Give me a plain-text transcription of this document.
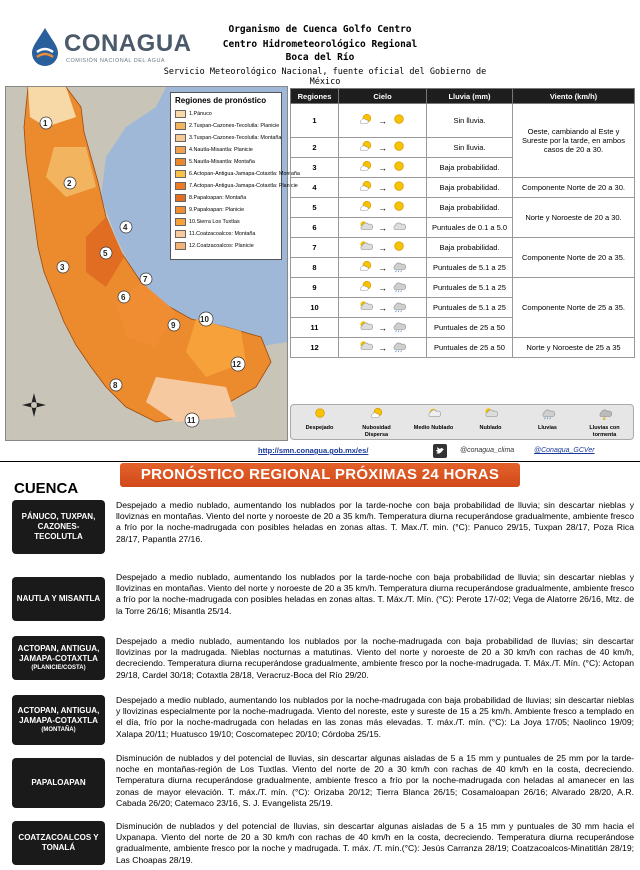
CONAGUA
COMISIÓN NACIONAL DEL AGUA
Organismo de Cuenca Golfo Centro
Centro Hidrometeorológico Regional
Boca del Río
Servicio Meteorológico Nacional, fuente oficial del Gobierno de
México
1
2
3
4
5
6
7
8
9
10
11
12
Regiones de pronóstico
1.Pánuco
2.Tuxpan-Cazones-Tecolutla: Planicie
3.Tuxpan-Cazones-Tecolutla: Montaña
4.Nautla-Misantla: Planicie
5.Nautla-Misantla: Montaña
6.Actopan-Antigua-Jamapa-Cotaxtla: Montaña
7.Actopan-Antigua-Jamapa-Cotaxtla: Planicie
8.Papaloapan: Montaña
9.Papaloapan: Planicie
10.Sierra Los Tuxtlas
11.Coatzacoalcos: Montaña
12.Coatzacoalcos: Planicie
Regiones	Cielo	Lluvia (mm)	Viento (km/h)
1	→	Sin lluvia.	Oeste, cambiando al Este y Sureste por la tarde, en ambos casos de 20 a 30.
2	→	Sin lluvia.	
3	→	Baja probabilidad.	
4	→	Baja probabilidad.	Componente Norte de 20 a 30.
5	→	Baja probabilidad.	Norte y Noroeste de 20 a 30.
6	→	Puntuales de 0.1 a 5.0	
7	→	Baja probabilidad.	Componente Norte de 20 a 35.
8	→	Puntuales de 5.1 a 25	
9	→	Puntuales de 5.1 a 25	Componente Norte de 25 a 35.
10	→	Puntuales de 5.1 a 25	
11	→	Puntuales de 25 a 50	
12	→	Puntuales de 25 a 50	Norte y Noroeste de 25 a 35
Despejado	Nubosidad Dispersa
Medio Nublado	Nublado	Lluvias	Lluvias con tormenta
http://smn.conagua.gob.mx/es/	@conagua_clima	@Conagua_GCVer
PRONÓSTICO REGIONAL PRÓXIMAS 24 HORAS
CUENCA
PÁNUCO, TUXPAN, CAZONES-TECOLUTLA
Despejado a medio nublado, aumentando los nublados por la tarde-noche con baja probabilidad de lluvia; sin descartar nieblas y lloviznas en montañas. Viento del norte y noroeste de 20 a 35 km/h. Temperatura diurna recuperándose gradualmente, ambiente fresco a frío por la noche-madrugada con posibles heladas en zonas altas. T. Max./T. min. (°C): Panuco 29/15, Tuxpan 28/17, Poza Rica 28/17, Papantla 27/16.
NAUTLA Y MISANTLA
Despejado a medio nublado, aumentando los nublados por la tarde-noche con baja probabilidad de lluvia; sin descartar nieblas y llovizinas en montañas. Viento del norte y noroeste de 20 a 35 km/h. Temperatura diurna recuperándose gradualmente, ambiente fresco a frío por la noche-madrugada con posibles heladas en zonas altas. T. Máx./T. Mín. (°C): Perote 17/-02; Vega de Alatorre 26/16, Mtz. de la Torre 26/16; Misantla 25/14.
ACTOPAN, ANTIGUA, JAMAPA-COTAXTLA
(PLANICIE/COSTA)
Despejado a medio nublado, aumentando los nublados por la noche-madrugada con baja probabilidad de lluvias; sin descartar llovizinas por la madrugada. Nieblas nocturnas a matutinas. Viento del norte y noroeste de 20 a 30 km/h con rachas de 40 km/h, decreciendo. Temperatura diurna recuperándose gradualmente, ambiente fresco por la noche-madrugada. T. Máx./T. Mín. (°C): Actopan 29/18, Cardel 30/18; Cotaxtla 28/18, Veracruz-Boca del Río 29/20.
ACTOPAN, ANTIGUA, JAMAPA-COTAXTLA
(MONTAÑA)
Despejado a medio nublado, aumentando los nublados por la noche-madrugada con baja probabilidad de lluvias; sin descartar nieblas y llovizinas especialmente por la noche-madrugada. Viento del noreste, este y sureste de 15 a 25 km/h. Ambiente fresco a templado en el día, frío por la noche-madrugada con heladas en las zonas más elevadas. T. máx./T. mín. (°C): La Joya 17/05; Naolinco 19/09; Xalapa 20/11; Huatusco 19/10; Coscomatepec 20/10; Córdoba 25/15.
PAPALOAPAN
Disminución de nublados y del potencial de lluvias, sin descartar algunas aisladas de 5 a 15 mm y puntuales de 25 mm por la tarde-noche en montañas-región de Los Tuxtlas. Viento del norte de 20 a 30 km/h con rachas de 40 km/h en la costa, decreciendo. Temperatura diurna recuperándose gradualmente, ambiente fresco a frío por la noche-madrugada con heladas al amanecer en las zonas de mayor elevación. T. máx./T. mín. (°C): Orizaba 20/12; Tierra Blanca 26/15; Cosamaloapan 26/16; Alvarado 28/20, A.R. Cabada 26/20; Catemaco 23/16, S. J. Evangelista 25/19.
COATZACOALCOS Y TONALÁ
Disminución de nublados y del potencial de lluvias, sin descartar algunas aisladas de 5 a 15 mm y puntuales de 30 mm hacia el Uxpanapa. Viento del norte de 20 a 30 km/h con rachas de 40 km/h en la costa, decreciendo. Temperatura diurna recuperándose gradualmente, ambiente fresco por la noche y madrugada. T. máx. /T. mín.(°C): Jesús Carranza 28/19; Coatzacoalcos-Minatitlán 28/19; Las Choapas 28/19.
